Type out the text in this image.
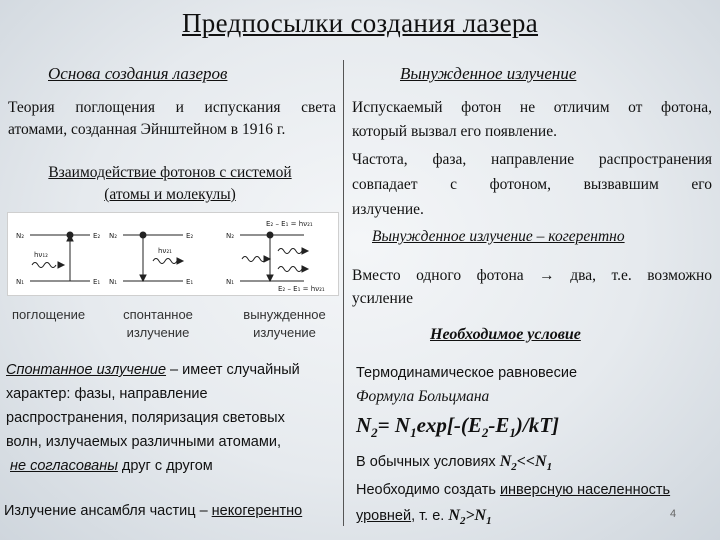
Предпосылки создания лазера
Основа создания лазеров
Теория поглощения и испускания света
атомами, созданная Эйнштейном в 1916 г.
Взаимодействие фотонов с системой
(атомы и молекулы)
N₂
N₁
E₂
E₁
hν₁₂
N₂
N₁
E₂
E₁
hν₂₁
N₂
N₁
E₂ – E₁ = hν₂₁
E₂ – E₁ = hν₂₁
поглощение	спонтанное
излучение
вынужденное
излучение
Спонтанное излучение – имеет случайный
характер: фазы, направление
распространения, поляризация световых
волн, излучаемых различными атомами,
не согласованы друг с другом
Излучение ансамбля частиц – некогерентно
Вынужденное излучение
Испускаемый фотон не отличим от фотона,
который вызвал его появление.
Частота, фаза, направление распространения
совпадает с фотоном, вызвавшим его
излучение.
Вынужденное излучение – когерентно
Вместо одного фотона → два, т.е. возможно
усиление
Необходимое условие
Термодинамическое равновесие
Формула Больцмана
$N_2= N_1\exp[-(E_2-E_1)/kT]$
В обычных условиях $N_2<<N_1$
Необходимо создать инверсную населенность
уровней, т. е. $N_2>N_1$
4
